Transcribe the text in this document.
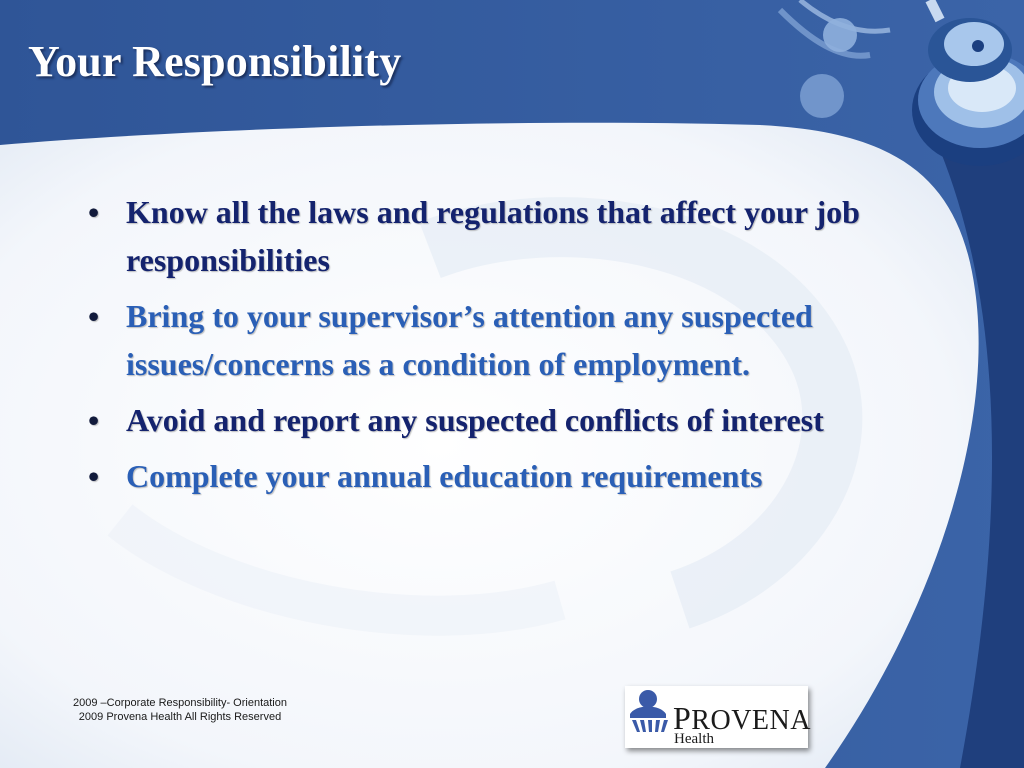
Your Responsibility
• Know all the laws and regulations that affect your job responsibilities
• Bring to your supervisor’s attention any suspected issues/concerns as a condition of employment.
• Avoid and report any suspected conflicts of interest
• Complete your annual education requirements
2009 –Corporate Responsibility- Orientation
2009 Provena Health All Rights Reserved	PROVENA
Health
